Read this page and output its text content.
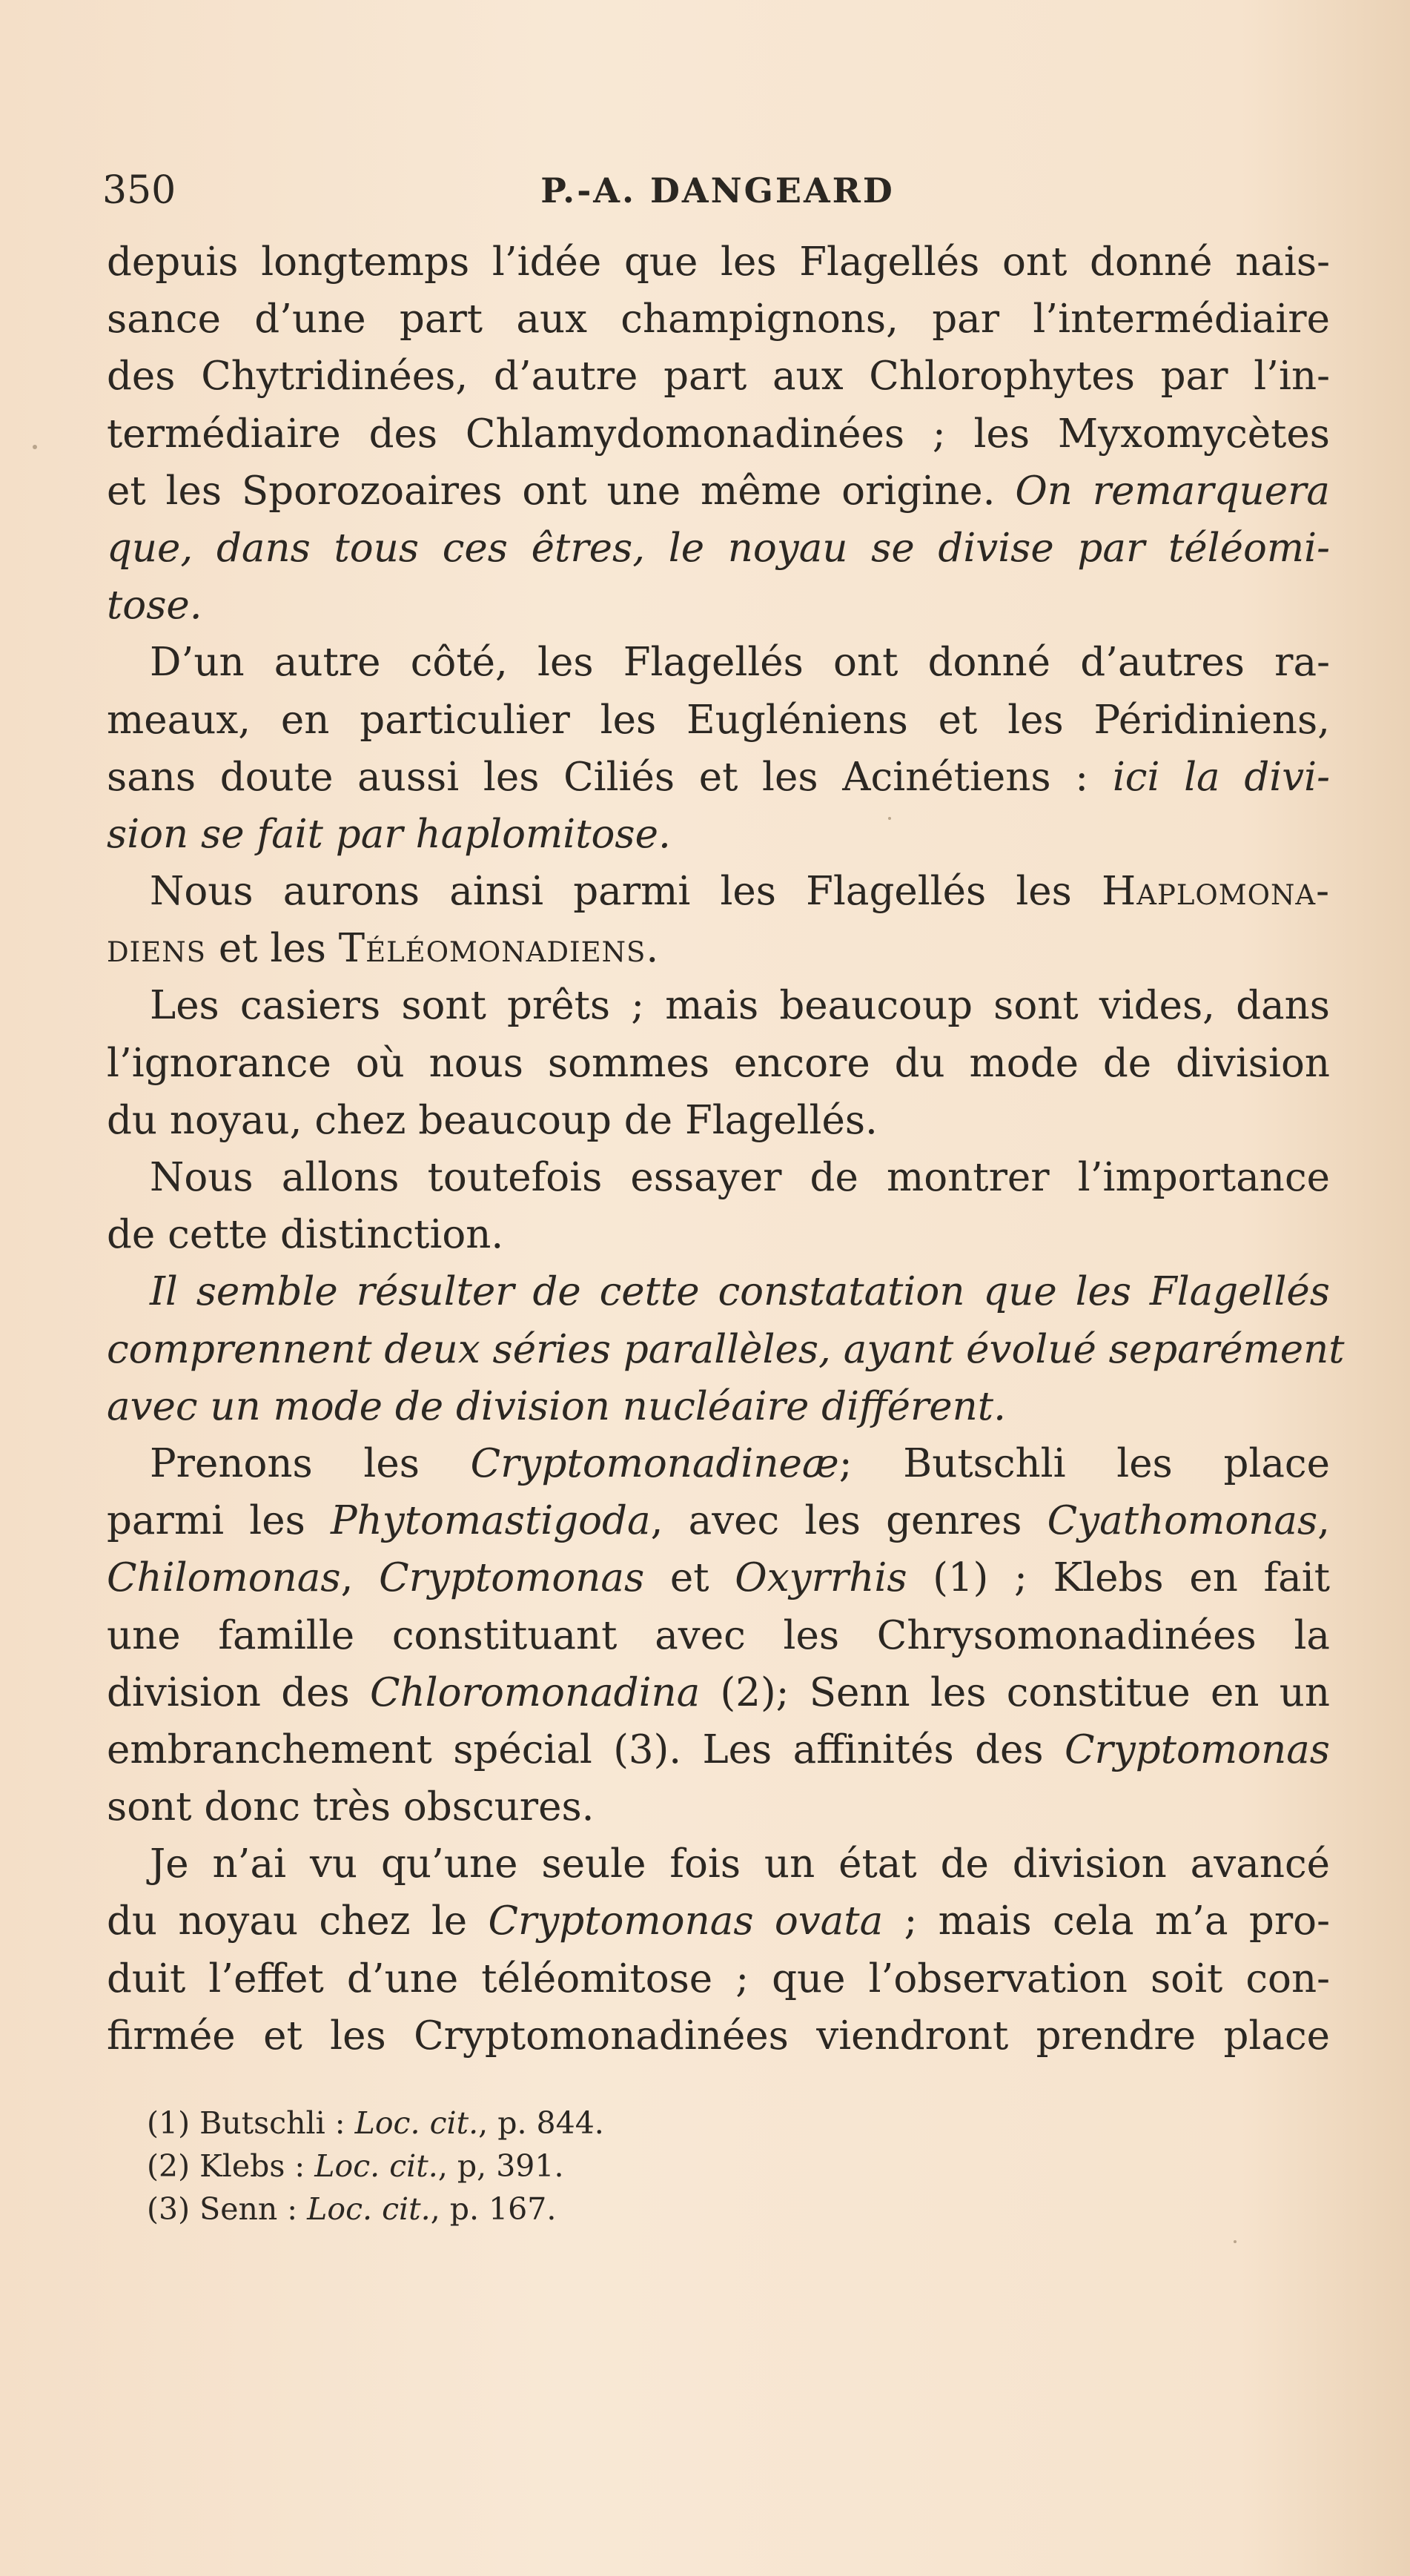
350	P.-A. DANGEARD
depuis longtemps l’idée que les Flagellés ont donné nais-
sance d’une part aux champignons, par l’intermédiaire
des Chytridinées, d’autre part aux Chlorophytes par l’in-
termédiaire des Chlamydomonadinées ; les Myxomycètes
et les Sporozoaires ont une même origine. On remarquera
que, dans tous ces êtres, le noyau se divise par téléomi-
tose.
D’un autre côté, les Flagellés ont donné d’autres ra-
meaux, en particulier les Eugléniens et les Péridiniens,
sans doute aussi les Ciliés et les Acinétiens : ici la divi-
sion se fait par haplomitose.
Nous aurons ainsi parmi les Flagellés les Haplomona-
diens et les Téléomonadiens.
Les casiers sont prêts ; mais beaucoup sont vides, dans
l’ignorance où nous sommes encore du mode de division
du noyau, chez beaucoup de Flagellés.
Nous allons toutefois essayer de montrer l’importance
de cette distinction.
Il semble résulter de cette constatation que les Flagellés
comprennent deux séries parallèles, ayant évolué separément
avec un mode de division nucléaire différent.
Prenons les Cryptomonadineæ; Butschli les place
parmi les Phytomastigoda, avec les genres Cyathomonas,
Chilomonas, Cryptomonas et Oxyrrhis (1) ; Klebs en fait
une famille constituant avec les Chrysomonadinées la
division des Chloromonadina (2); Senn les constitue en un
embranchement spécial (3). Les affinités des Cryptomonas
sont donc très obscures.
Je n’ai vu qu’une seule fois un état de division avancé
du noyau chez le Cryptomonas ovata ; mais cela m’a pro-
duit l’effet d’une téléomitose ; que l’observation soit con-
firmée et les Cryptomonadinées viendront prendre place
(1) Butschli : Loc. cit., p. 844.
(2) Klebs : Loc. cit., p, 391.
(3) Senn : Loc. cit., p. 167.
